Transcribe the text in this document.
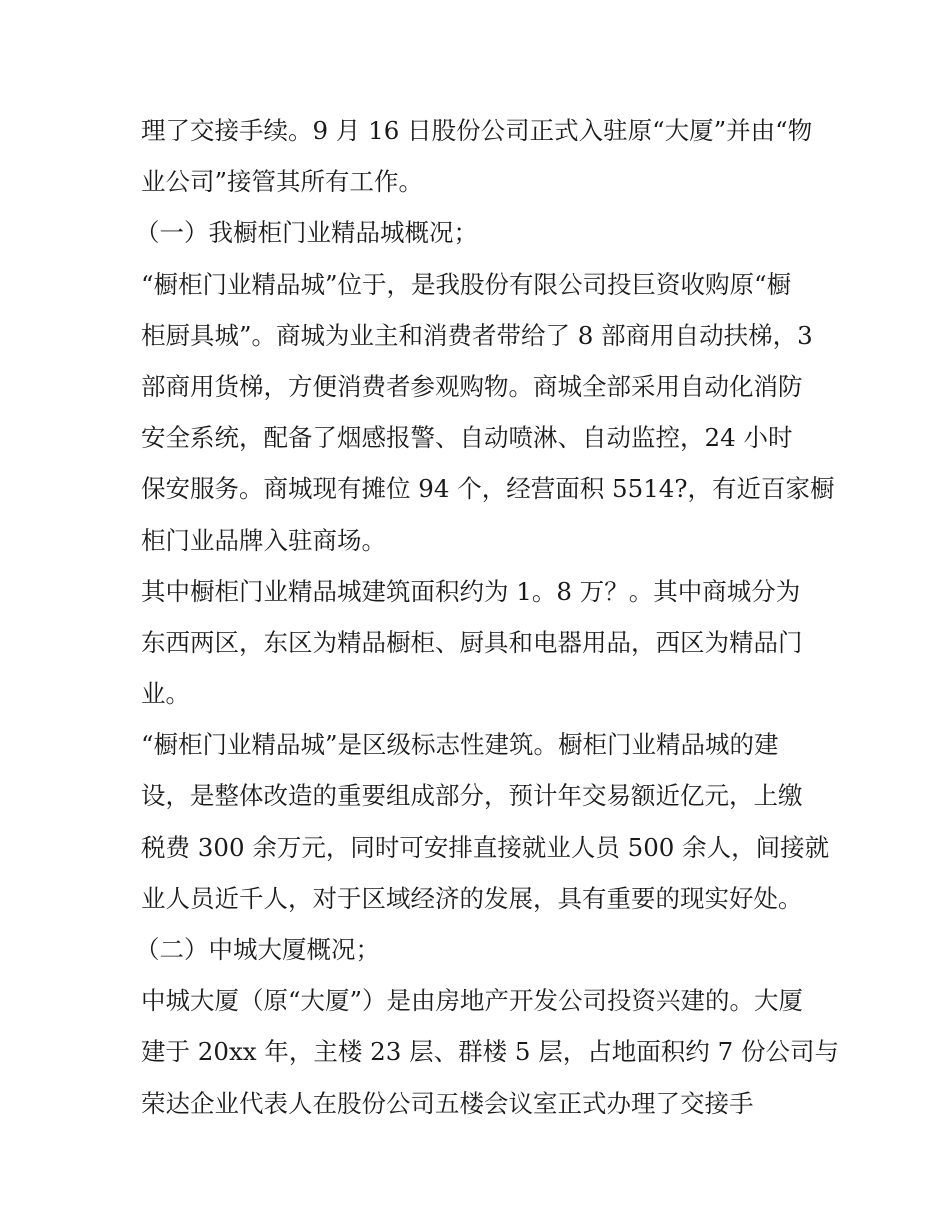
理了交接手续。9 月 16 日股份公司正式入驻原“大厦”并由“物
业公司”接管其所有工作。
（一）我橱柜门业精品城概况；
“橱柜门业精品城”位于，是我股份有限公司投巨资收购原“橱
柜厨具城”。商城为业主和消费者带给了 8 部商用自动扶梯，3
部商用货梯，方便消费者参观购物。商城全部采用自动化消防
安全系统，配备了烟感报警、自动喷淋、自动监控，24 小时
保安服务。商城现有摊位 94 个，经营面积 5514?，有近百家橱
柜门业品牌入驻商场。
其中橱柜门业精品城建筑面积约为 1。8 万？。其中商城分为
东西两区，东区为精品橱柜、厨具和电器用品，西区为精品门
业。
“橱柜门业精品城”是区级标志性建筑。橱柜门业精品城的建
设，是整体改造的重要组成部分，预计年交易额近亿元，上缴
税费 300 余万元，同时可安排直接就业人员 500 余人，间接就
业人员近千人，对于区域经济的发展，具有重要的现实好处。
（二）中城大厦概况；
中城大厦（原“大厦”）是由房地产开发公司投资兴建的。大厦
建于 20xx 年，主楼 23 层、群楼 5 层，占地面积约 7 份公司与
荣达企业代表人在股份公司五楼会议室正式办理了交接手
